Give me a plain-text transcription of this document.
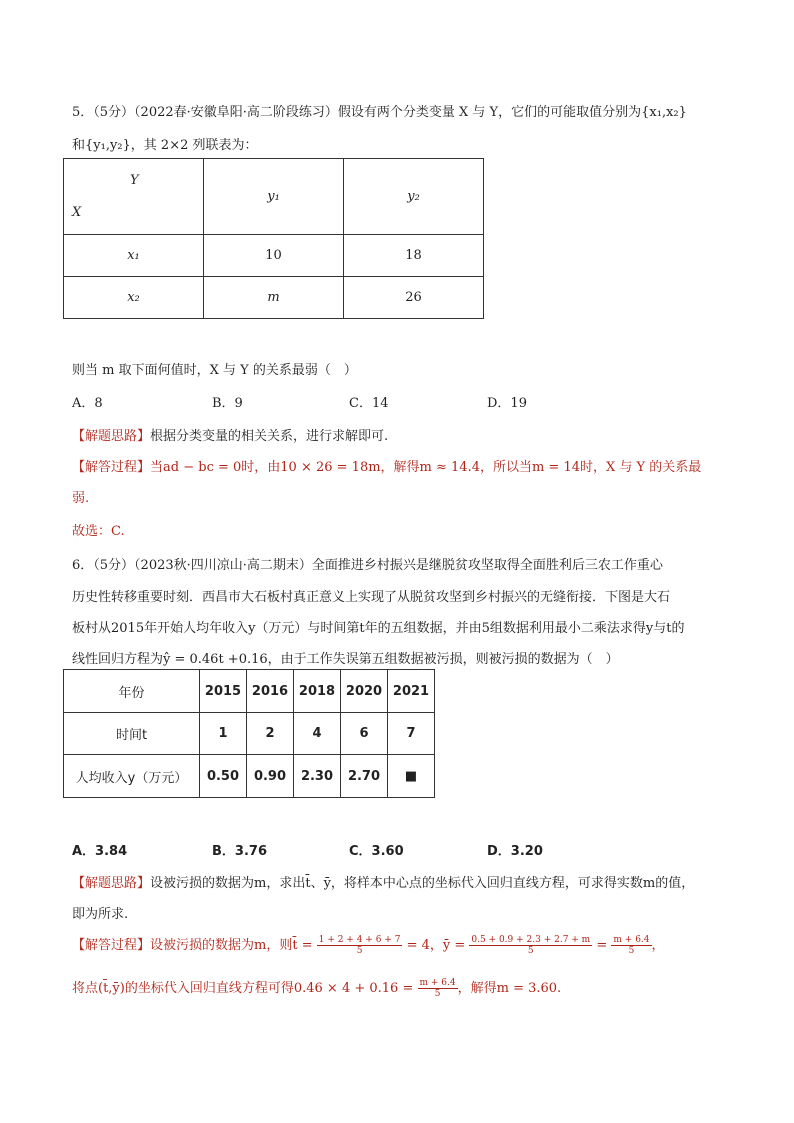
5．（5分）（2022春·安徽阜阳·高二阶段练习）假设有两个分类变量 X 与 Y，它们的可能取值分别为{x₁,x₂}
和{y₁,y₂}，其 2×2 列联表为：
Y
X	y₁	y₂
x₁	10	18
x₂	m	26
则当 m 取下面何值时，X 与 Y 的关系最弱（　）
A．8	B．9	C．14	D．19
【解题思路】根据分类变量的相关关系，进行求解即可.
【解答过程】当ad − bc = 0时，由10 × 26 = 18m，解得m ≈ 14.4，所以当m = 14时，X 与 Y 的关系最
弱.
故选：C.
6．（5分）（2023秋·四川凉山·高二期末）全面推进乡村振兴是继脱贫攻坚取得全面胜利后三农工作重心
历史性转移重要时刻．西昌市大石板村真正意义上实现了从脱贫攻坚到乡村振兴的无缝衔接．下图是大石
板村从2015年开始人均年收入y（万元）与时间第t年的五组数据，并由5组数据利用最小二乘法求得y与t的
线性回归方程为ŷ = 0.46t +0.16，由于工作失误第五组数据被污损，则被污损的数据为（　）
年份	2015	2016	2018	2020	2021
时间t	1	2	4	6	7
人均收入y（万元）	0.50	0.90	2.30	2.70	■
A．3.84	B．3.76	C．3.60	D．3.20
【解题思路】设被污损的数据为m，求出t̄、ȳ，将样本中心点的坐标代入回归直线方程，可求得实数m的值，
即为所求.
【解答过程】设被污损的数据为m，则t̄ = $\frac{1 + 2 + 4 + 6 + 7}{5} = 4$，ȳ = $\frac{0.5 + 0.9 + 2.3 + 2.7 + m}{5} = \frac{m + 6.4}{5}$ ，
将点(t̄,ȳ)的坐标代入回归直线方程可得$0.46 \times 4 + 0.16 = \frac{m + 6.4}{5}$ ，解得m = 3.60.
